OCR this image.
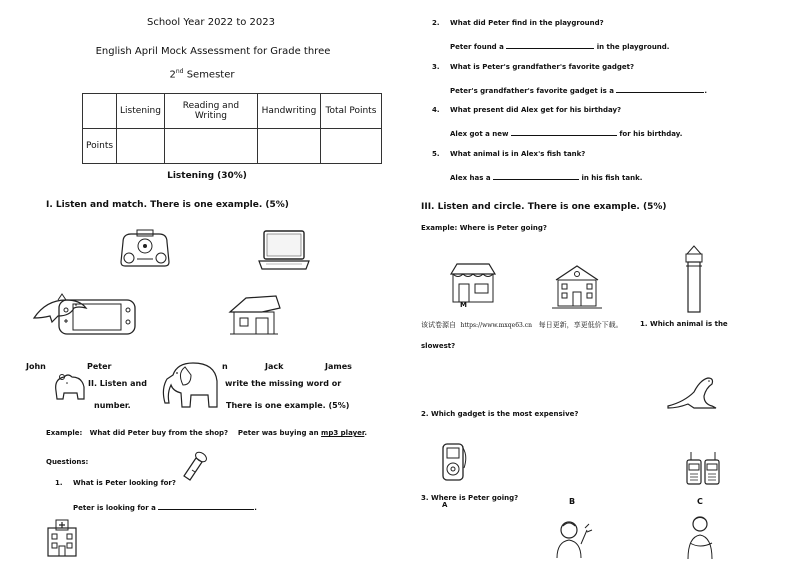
School Year 2022 to 2023
English April Mock Assessment for Grade three
2nd Semester
	Listening	Reading and Writing	Handwriting	Total Points
Points				
Listening (30%)
I. Listen and match. There is one example. (5%)
John	Peter	n	Jack	James
II. Listen and	write the missing word or
number.	There is one example. (5%)
Example: What did Peter buy from the shop? Peter was buying an mp3 player.
Questions:
1. What is Peter looking for?
Peter is looking for a	.
2. What did Peter find in the playground?
Peter found a	in the playground.
3. What is Peter's grandfather's favorite gadget?
Peter's grandfather's favorite gadget is a	.
4. What present did Alex get for his birthday?
Alex got a new	for his birthday.
5. What animal is in Alex's fish tank?
Alex has a	in his fish tank.
III. Listen and circle. There is one example. (5%)
Example: Where is Peter going?
M
该试卷源自 https://www.mxqe63.cn 每日更新，享更低价下载。 1. Which animal is the
slowest?
2. Which gadget is the most expensive?
3. Where is Peter going?
A	B	C
